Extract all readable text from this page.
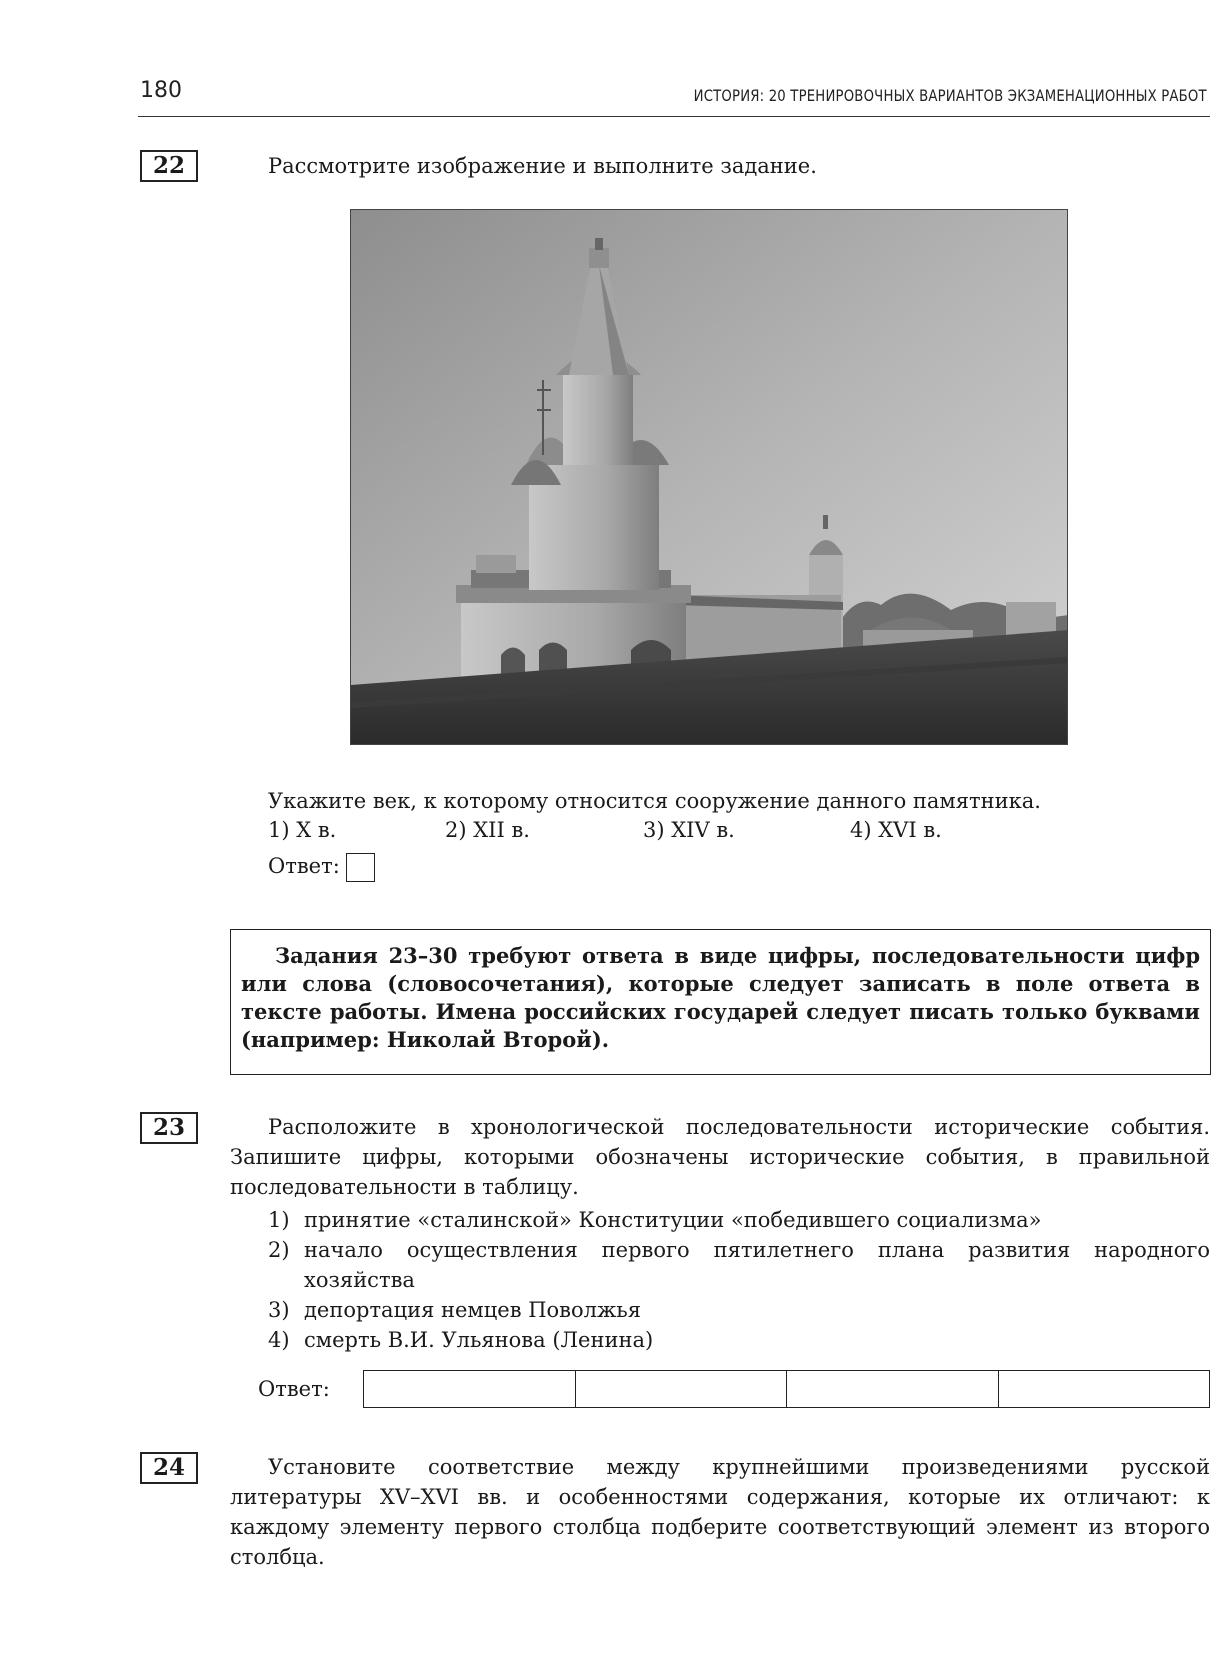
180	ИСТОРИЯ: 20 ТРЕНИРОВОЧНЫХ ВАРИАНТОВ ЭКЗАМЕНАЦИОННЫХ РАБОТ
22	Рассмотрите изображение и выполните задание.
Укажите век, к которому относится сооружение данного памятника.
1) X в.	2) XII в.	3) XIV в.	4) XVI в.
Ответ:

Задания 23–30 требуют ответа в виде цифры, последовательности цифр или слова (словосочетания), которые следует записать в поле ответа в тексте работы. Имена российских государей следует писать только буквами (например: Николай Второй).

23	Расположите в хронологической последовательности исторические события. Запишите цифры, которыми обозначены исторические события, в правильной последовательности в таблицу.
1) принятие «сталинской» Конституции «победившего социализма»
2) начало осуществления первого пятилетнего плана развития народного хозяйства
3) депортация немцев Поволжья
4) смерть В.И. Ульянова (Ленина)
Ответ:
24	Установите соответствие между крупнейшими произведениями русской литературы XV–XVI вв. и особенностями содержания, которые их отличают: к каждому элементу первого столбца подберите соответствующий элемент из второго столбца.
